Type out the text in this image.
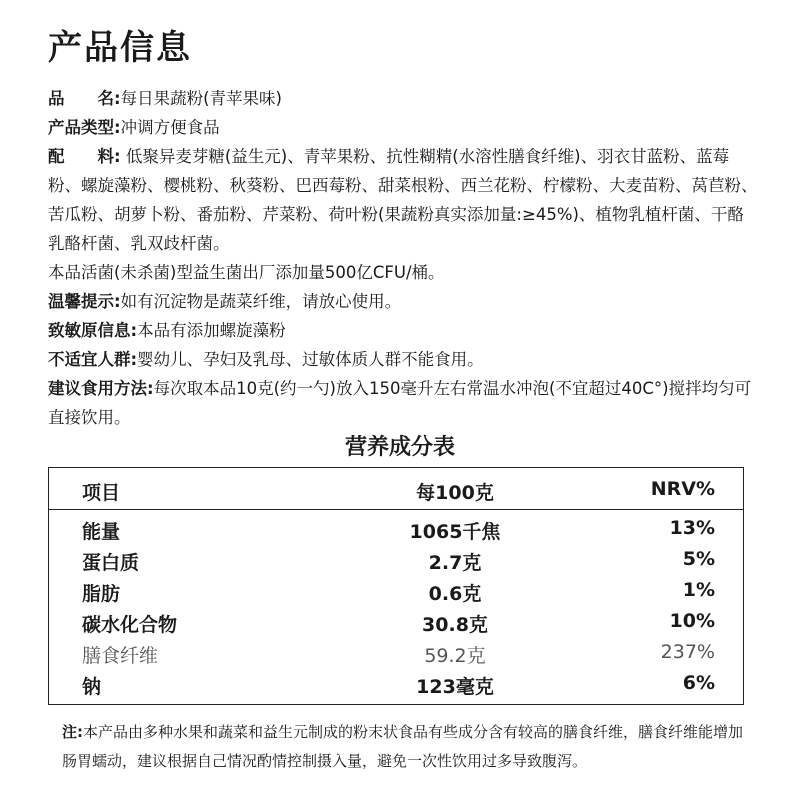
产品信息

品　　名:每日果蔬粉(青苹果味)

产品类型:冲调方便食品

配　　料: 低聚异麦芽糖(益生元)、青苹果粉、抗性糊精(水溶性膳食纤维)、羽衣甘蓝粉、蓝莓粉、螺旋藻粉、樱桃粉、秋葵粉、巴西莓粉、甜菜根粉、西兰花粉、柠檬粉、大麦苗粉、莴苣粉、苦瓜粉、胡萝卜粉、番茄粉、芹菜粉、荷叶粉(果蔬粉真实添加量:≥45%)、植物乳植杆菌、干酪乳酪杆菌、乳双歧杆菌。

本品活菌(未杀菌)型益生菌出厂添加量500亿CFU/桶。

温馨提示:如有沉淀物是蔬菜纤维，请放心使用。

致敏原信息:本品有添加螺旋藻粉

不适宜人群:婴幼儿、孕妇及乳母、过敏体质人群不能食用。

建议食用方法:每次取本品10克(约一勺)放入150毫升左右常温水冲泡(不宜超过40C°)搅拌均匀可直接饮用。

营养成分表
项目	每100克	NRV%
能量	1065千焦	13%
蛋白质	2.7克	5%
脂肪	0.6克	1%
碳水化合物	30.8克	10%
膳食纤维	59.2克	237%
钠	123毫克	6%

注:本产品由多种水果和蔬菜和益生元制成的粉末状食品有些成分含有较高的膳食纤维，膳食纤维能增加肠胃蠕动，建议根据自己情况酌情控制摄入量，避免一次性饮用过多导致腹泻。
